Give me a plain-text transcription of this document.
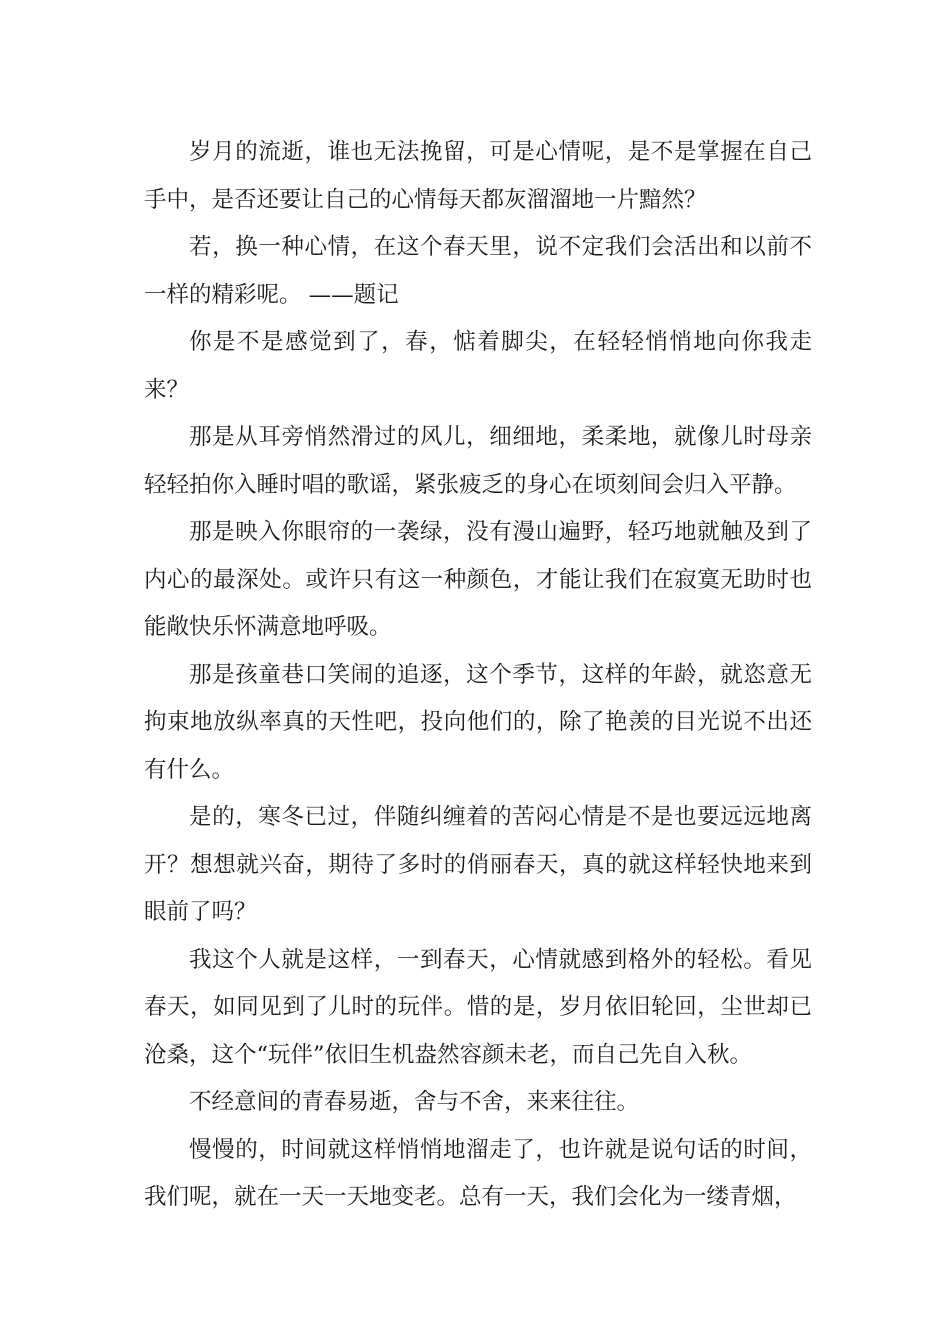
岁月的流逝，谁也无法挽留，可是心情呢，是不是掌握在自己手中，是否还要让自己的心情每天都灰溜溜地一片黯然？

若，换一种心情，在这个春天里，说不定我们会活出和以前不一样的精彩呢。 ——题记

你是不是感觉到了，春，惦着脚尖，在轻轻悄悄地向你我走来？

那是从耳旁悄然滑过的风儿，细细地，柔柔地，就像儿时母亲轻轻拍你入睡时唱的歌谣，紧张疲乏的身心在顷刻间会归入平静。

那是映入你眼帘的一袭绿，没有漫山遍野，轻巧地就触及到了内心的最深处。或许只有这一种颜色，才能让我们在寂寞无助时也能敞快乐怀满意地呼吸。

那是孩童巷口笑闹的追逐，这个季节，这样的年龄，就恣意无拘束地放纵率真的天性吧，投向他们的，除了艳羡的目光说不出还有什么。

是的，寒冬已过，伴随纠缠着的苦闷心情是不是也要远远地离开？想想就兴奋，期待了多时的俏丽春天，真的就这样轻快地来到眼前了吗？

我这个人就是这样，一到春天，心情就感到格外的轻松。看见春天，如同见到了儿时的玩伴。惜的是，岁月依旧轮回，尘世却已沧桑，这个“玩伴”依旧生机盎然容颜未老，而自己先自入秋。

不经意间的青春易逝，舍与不舍，来来往往。

慢慢的，时间就这样悄悄地溜走了，也许就是说句话的时间，我们呢，就在一天一天地变老。总有一天，我们会化为一缕青烟，
